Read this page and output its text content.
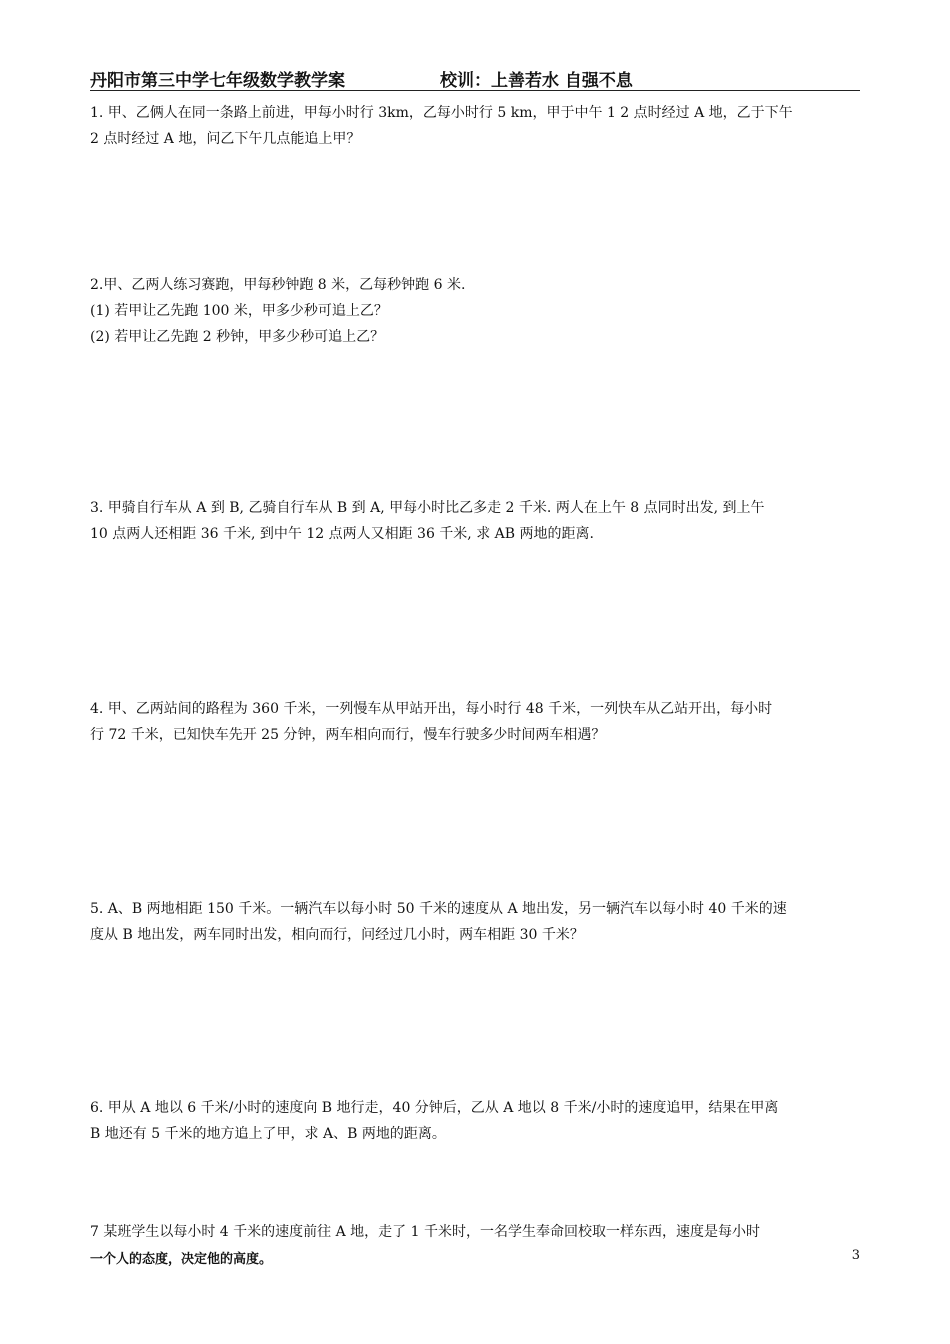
丹阳市第三中学七年级数学教学案	校训：上善若水 自强不息
1. 甲、乙俩人在同一条路上前进，甲每小时行 3km，乙每小时行 5 km，甲于中午 1 2 点时经过 A 地，乙于下午
2 点时经过 A 地，问乙下午几点能追上甲？
2.甲、乙两人练习赛跑，甲每秒钟跑 8 米，乙每秒钟跑 6 米.
(1) 若甲让乙先跑 100 米，甲多少秒可追上乙？
(2) 若甲让乙先跑 2 秒钟，甲多少秒可追上乙？
3. 甲骑自行车从 A 到 B, 乙骑自行车从 B 到 A, 甲每小时比乙多走 2 千米. 两人在上午 8 点同时出发, 到上午
10 点两人还相距 36 千米, 到中午 12 点两人又相距 36 千米, 求 AB 两地的距离.
4. 甲、乙两站间的路程为 360 千米，一列慢车从甲站开出，每小时行 48 千米，一列快车从乙站开出，每小时
行 72 千米，已知快车先开 25 分钟，两车相向而行，慢车行驶多少时间两车相遇？
5. A、B 两地相距 150 千米。一辆汽车以每小时 50 千米的速度从 A 地出发，另一辆汽车以每小时 40 千米的速
度从 B 地出发，两车同时出发，相向而行，问经过几小时，两车相距 30 千米？
6. 甲从 A 地以 6 千米/小时的速度向 B 地行走，40 分钟后，乙从 A 地以 8 千米/小时的速度追甲，结果在甲离
B 地还有 5 千米的地方追上了甲，求 A、B 两地的距离。
7 某班学生以每小时 4 千米的速度前往 A 地，走了 1 千米时，一名学生奉命回校取一样东西，速度是每小时
一个人的态度，决定他的高度。	3
